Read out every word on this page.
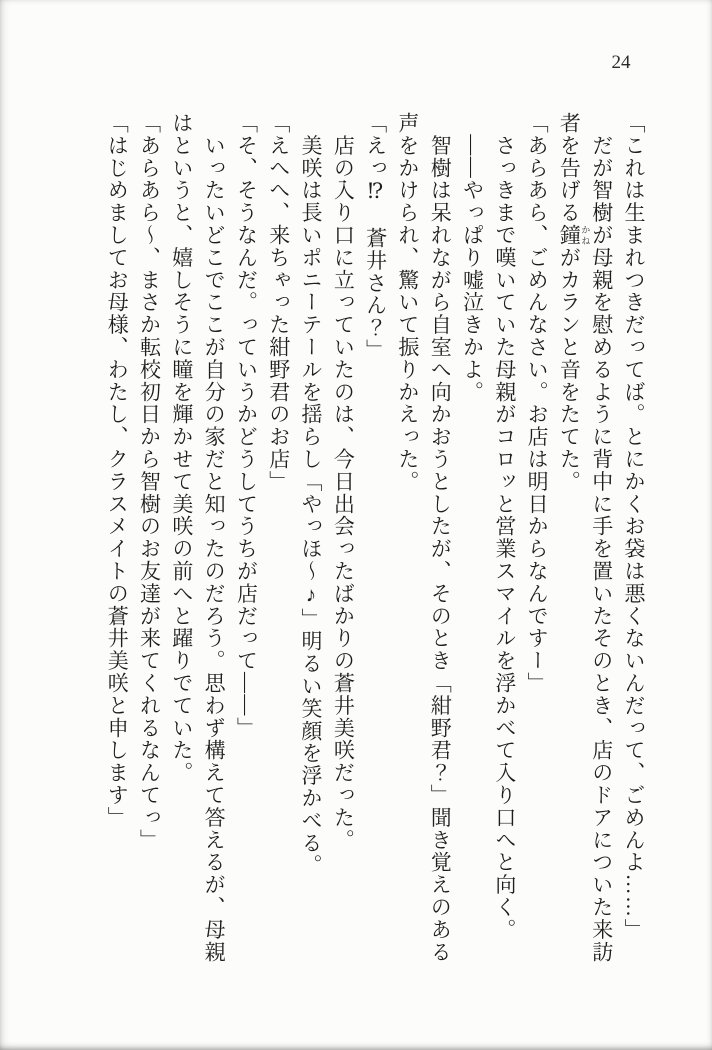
24

「これは生まれつきだってば。とにかくお袋は悪くないんだって、ごめんよ……」

　だが智樹が母親を慰めるように背中に手を置いたそのとき、店のドアについた来訪者を告げる鐘 かねがカランと音をたてた。

「あらあら、ごめんなさい。お店は明日からなんですー」

　さっきまで嘆いていた母親がコロッと営業スマイルを浮かべて入り口へと向く。

　——やっぱり嘘泣きかよ。

　智樹は呆れながら自室へ向かおうとしたが、そのとき「紺野君？」聞き覚えのある声をかけられ、驚いて振りかえった。

「えっ⁉　蒼井さん？」

　店の入り口に立っていたのは、今日出会ったばかりの蒼井美咲だった。

　美咲は長いポニーテールを揺らし「やっほ〜♪」明るい笑顔を浮かべる。

「えへへ、来ちゃった紺野君のお店」

「そ、そうなんだ。っていうかどうしてうちが店だって——」

　いったいどこでここが自分の家だと知ったのだろう。思わず構えて答えるが、母親はというと、嬉しそうに瞳を輝かせて美咲の前へと躍りでていた。

「あらあら〜、まさか転校初日から智樹のお友達が来てくれるなんてっ」

「はじめましてお母様、わたし、クラスメイトの蒼井美咲と申します」
